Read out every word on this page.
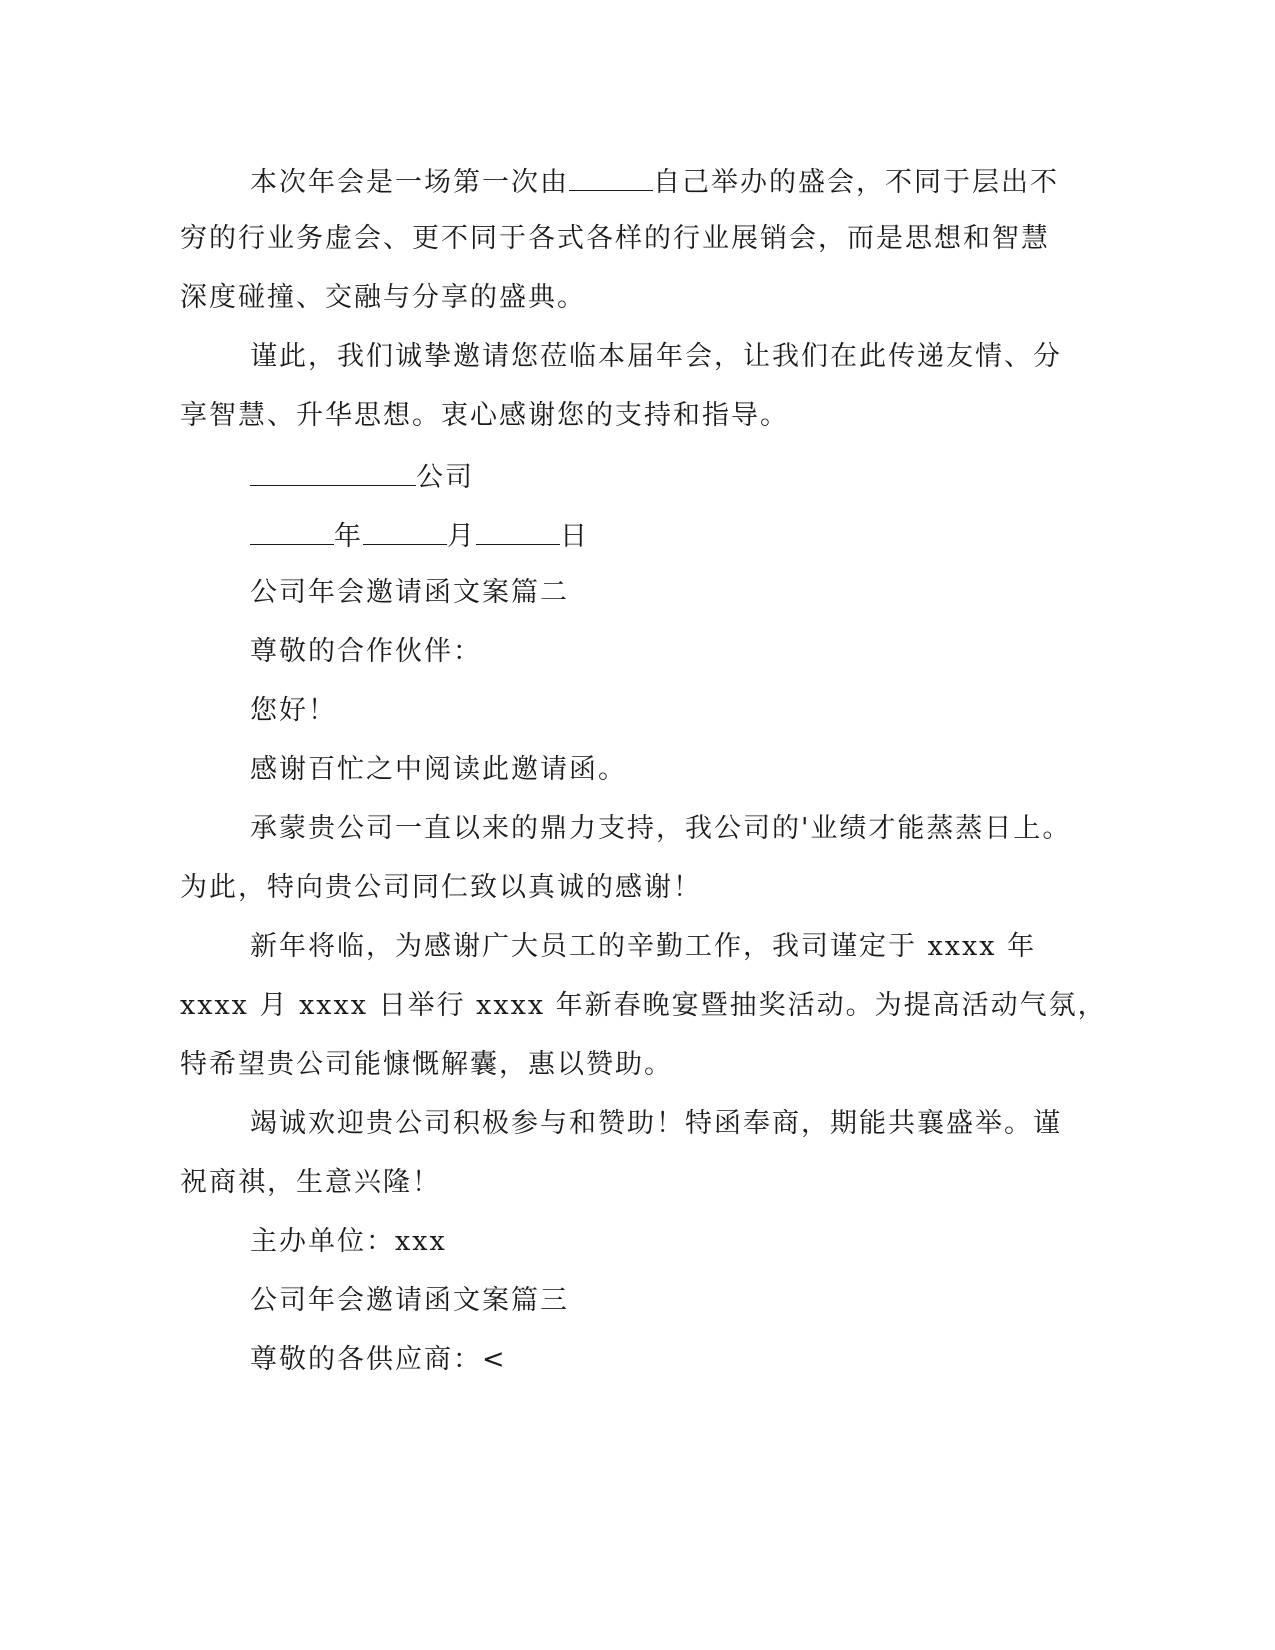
本次年会是一场第一次由	自己举办的盛会，不同于层出不
穷的行业务虚会、更不同于各式各样的行业展销会，而是思想和智慧
深度碰撞、交融与分享的盛典。
谨此，我们诚挚邀请您莅临本届年会，让我们在此传递友情、分
享智慧、升华思想。衷心感谢您的支持和指导。
公司
年	月	日
公司年会邀请函文案篇二
尊敬的合作伙伴：
您好！
感谢百忙之中阅读此邀请函。
承蒙贵公司一直以来的鼎力支持，我公司的'业绩才能蒸蒸日上。
为此，特向贵公司同仁致以真诚的感谢！
新年将临，为感谢广大员工的辛勤工作，我司谨定于 xxxx 年
xxxx 月 xxxx 日举行 xxxx 年新春晚宴暨抽奖活动。为提高活动气氛，
特希望贵公司能慷慨解囊，惠以赞助。
竭诚欢迎贵公司积极参与和赞助！特函奉商，期能共襄盛举。谨
祝商祺，生意兴隆！
主办单位：xxx
公司年会邀请函文案篇三
尊敬的各供应商：<
